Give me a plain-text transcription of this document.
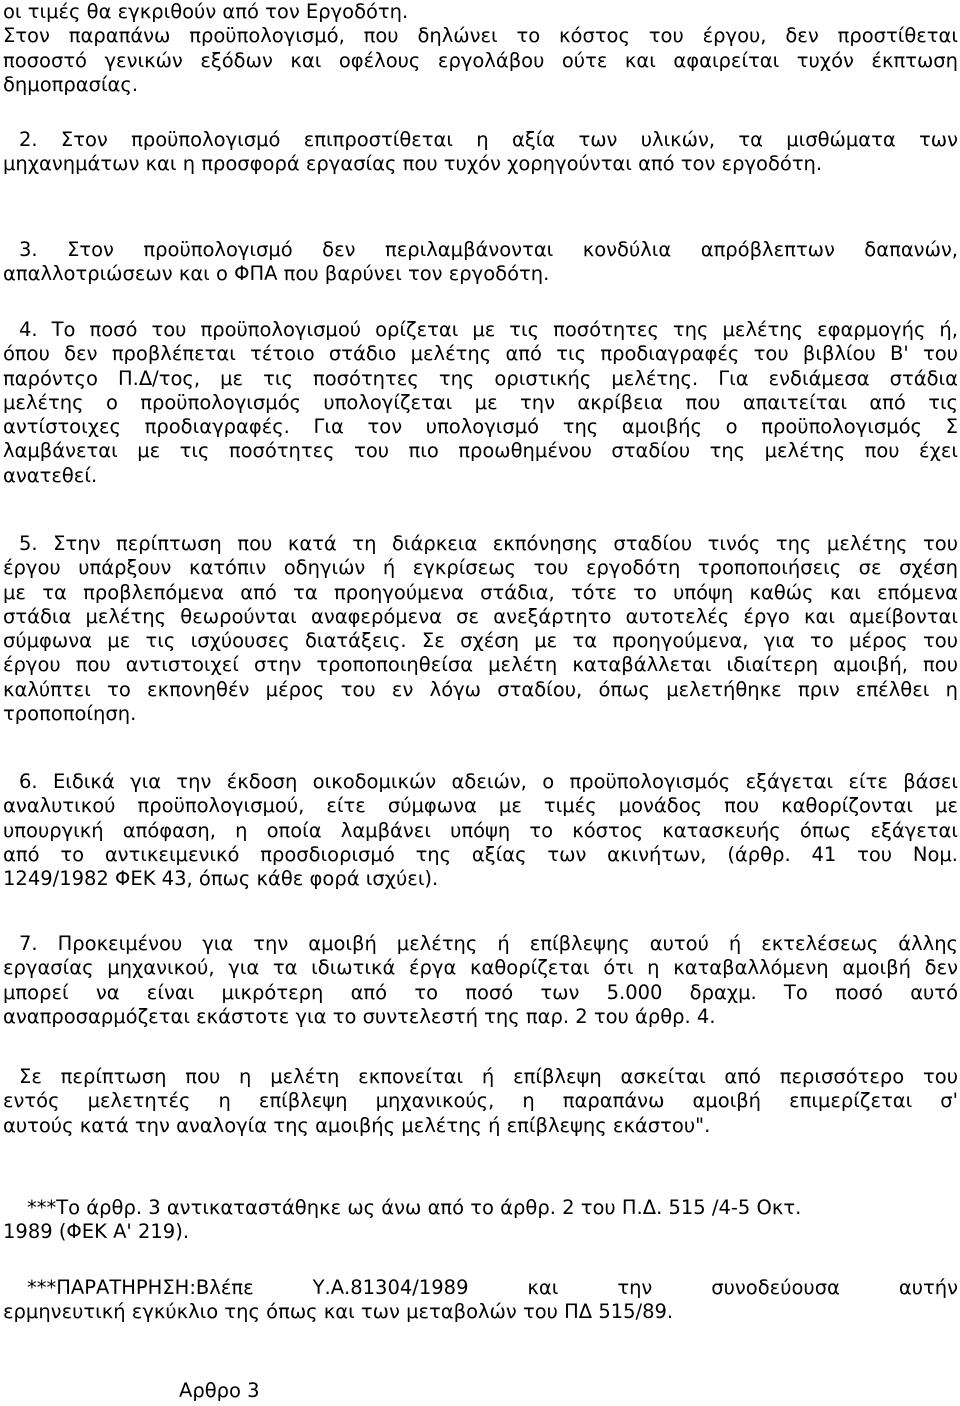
οι τιμές θα εγκριθούν από τον Εργοδότη.
Στον παραπάνω προϋπολογισμό, που δηλώνει το κόστος του έργου, δεν προστίθεται
ποσοστό γενικών εξόδων και οφέλους εργολάβου ούτε και αφαιρείται τυχόν έκπτωση
δημοπρασίας.
2. Στον προϋπολογισμό επιπροστίθεται η αξία των υλικών, τα μισθώματα των
μηχανημάτων και η προσφορά εργασίας που τυχόν χορηγούνται από τον εργοδότη.
3. Στον προϋπολογισμό δεν περιλαμβάνονται κονδύλια απρόβλεπτων δαπανών,
απαλλοτριώσεων και ο ΦΠΑ που βαρύνει τον εργοδότη.
4. Το ποσό του προϋπολογισμού ορίζεται με τις ποσότητες της μελέτης εφαρμογής ή,
όπου δεν προβλέπεται τέτοιο στάδιο μελέτης από τις προδιαγραφές του βιβλίου Β' του
παρόντςο Π.Δ/τος, με τις ποσότητες της οριστικής μελέτης. Για ενδιάμεσα στάδια
μελέτης ο προϋπολογισμός υπολογίζεται με την ακρίβεια που απαιτείται από τις
αντίστοιχες προδιαγραφές. Για τον υπολογισμό της αμοιβής ο προϋπολογισμός Σ
λαμβάνεται με τις ποσότητες του πιο προωθημένου σταδίου της μελέτης που έχει
ανατεθεί.
5. Στην περίπτωση που κατά τη διάρκεια εκπόνησης σταδίου τινός της μελέτης του
έργου υπάρξουν κατόπιν οδηγιών ή εγκρίσεως του εργοδότη τροποποιήσεις σε σχέση
με τα προβλεπόμενα από τα προηγούμενα στάδια, τότε το υπόψη καθώς και επόμενα
στάδια μελέτης θεωρούνται αναφερόμενα σε ανεξάρτητο αυτοτελές έργο και αμείβονται
σύμφωνα με τις ισχύουσες διατάξεις. Σε σχέση με τα προηγούμενα, για το μέρος του
έργου που αντιστοιχεί στην τροποποιηθείσα μελέτη καταβάλλεται ιδιαίτερη αμοιβή, που
καλύπτει το εκπονηθέν μέρος του εν λόγω σταδίου, όπως μελετήθηκε πριν επέλθει η
τροποποίηση.
6. Ειδικά για την έκδοση οικοδομικών αδειών, ο προϋπολογισμός εξάγεται είτε βάσει
αναλυτικού προϋπολογισμού, είτε σύμφωνα με τιμές μονάδος που καθορίζονται με
υπουργική απόφαση, η οποία λαμβάνει υπόψη το κόστος κατασκευής όπως εξάγεται
από το αντικειμενικό προσδιορισμό της αξίας των ακινήτων, (άρθρ. 41 του Νομ.
1249/1982 ΦΕΚ 43, όπως κάθε φορά ισχύει).
7. Προκειμένου για την αμοιβή μελέτης ή επίβλεψης αυτού ή εκτελέσεως άλλης
εργασίας μηχανικού, για τα ιδιωτικά έργα καθορίζεται ότι η καταβαλλόμενη αμοιβή δεν
μπορεί να είναι μικρότερη από το ποσό των 5.000 δραχμ. Το ποσό αυτό
αναπροσαρμόζεται εκάστοτε για το συντελεστή της παρ. 2 του άρθρ. 4.
Σε περίπτωση που η μελέτη εκπονείται ή επίβλεψη ασκείται από περισσότερο του
εντός μελετητές η επίβλεψη μηχανικούς, η παραπάνω αμοιβή επιμερίζεται σ'
αυτούς κατά την αναλογία της αμοιβής μελέτης ή επίβλεψης εκάστου".
***Το άρθρ. 3 αντικαταστάθηκε ως άνω από το άρθρ. 2 του Π.Δ. 515 /4-5 Οκτ.
1989 (ΦΕΚ Α' 219).
***ΠΑΡΑΤΗΡΗΣΗ:Βλέπε Υ.Α.81304/1989 και την συνοδεύουσα αυτήν
ερμηνευτική εγκύκλιο της όπως και των μεταβολών του ΠΔ 515/89.
Αρθρο 3
